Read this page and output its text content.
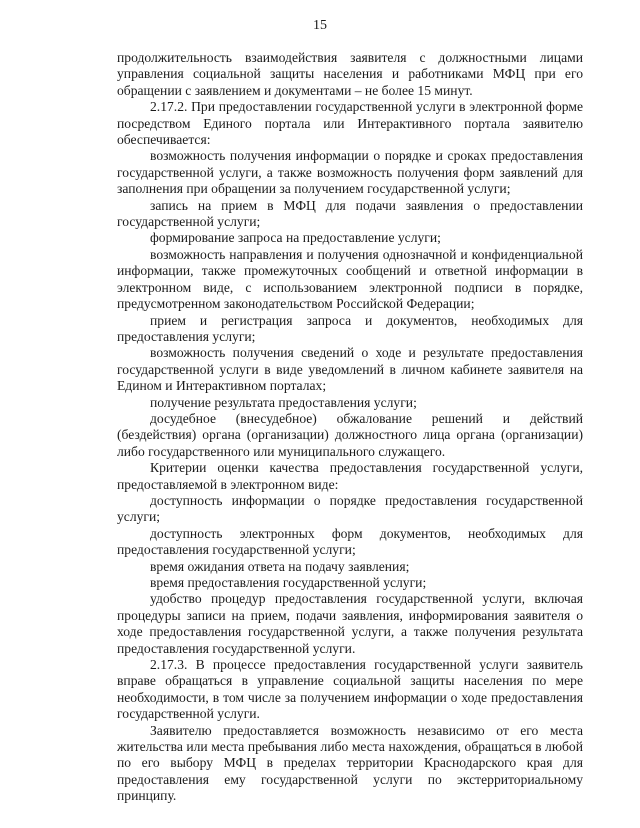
15

продолжительность взаимодействия заявителя с должностными лицами управления социальной защиты населения и работниками МФЦ при его обращении с заявлением и документами – не более 15 минут.

2.17.2. При предоставлении государственной услуги в электронной форме посредством Единого портала или Интерактивного портала заявителю обеспечивается:

возможность получения информации о порядке и сроках предоставления государственной услуги, а также возможность получения форм заявлений для заполнения при обращении за получением государственной услуги;

запись на прием в МФЦ для подачи заявления о предоставлении государственной услуги;

формирование запроса на предоставление услуги;

возможность направления и получения однозначной и конфиденциальной информации, также промежуточных сообщений и ответной информации в электронном виде, с использованием электронной подписи в порядке, предусмотренном законодательством Российской Федерации;

прием и регистрация запроса и документов, необходимых для предоставления услуги;

возможность получения сведений о ходе и результате предоставления государственной услуги в виде уведомлений в личном кабинете заявителя на Едином и Интерактивном порталах;

получение результата предоставления услуги;

досудебное (внесудебное) обжалование решений и действий (бездействия) органа (организации) должностного лица органа (организации) либо государственного или муниципального служащего.

Критерии оценки качества предоставления государственной услуги, предоставляемой в электронном виде:

доступность информации о порядке предоставления государственной услуги;

доступность электронных форм документов, необходимых для предоставления государственной услуги;

время ожидания ответа на подачу заявления;

время предоставления государственной услуги;

удобство процедур предоставления государственной услуги, включая процедуры записи на прием, подачи заявления, информирования заявителя о ходе предоставления государственной услуги, а также получения результата предоставления государственной услуги.

2.17.3. В процессе предоставления государственной услуги заявитель вправе обращаться в управление социальной защиты населения по мере необходимости, в том числе за получением информации о ходе предоставления государственной услуги.

Заявителю предоставляется возможность независимо от его места жительства или места пребывания либо места нахождения, обращаться в любой по его выбору МФЦ в пределах территории Краснодарского края для предоставления ему государственной услуги по экстерриториальному принципу.
